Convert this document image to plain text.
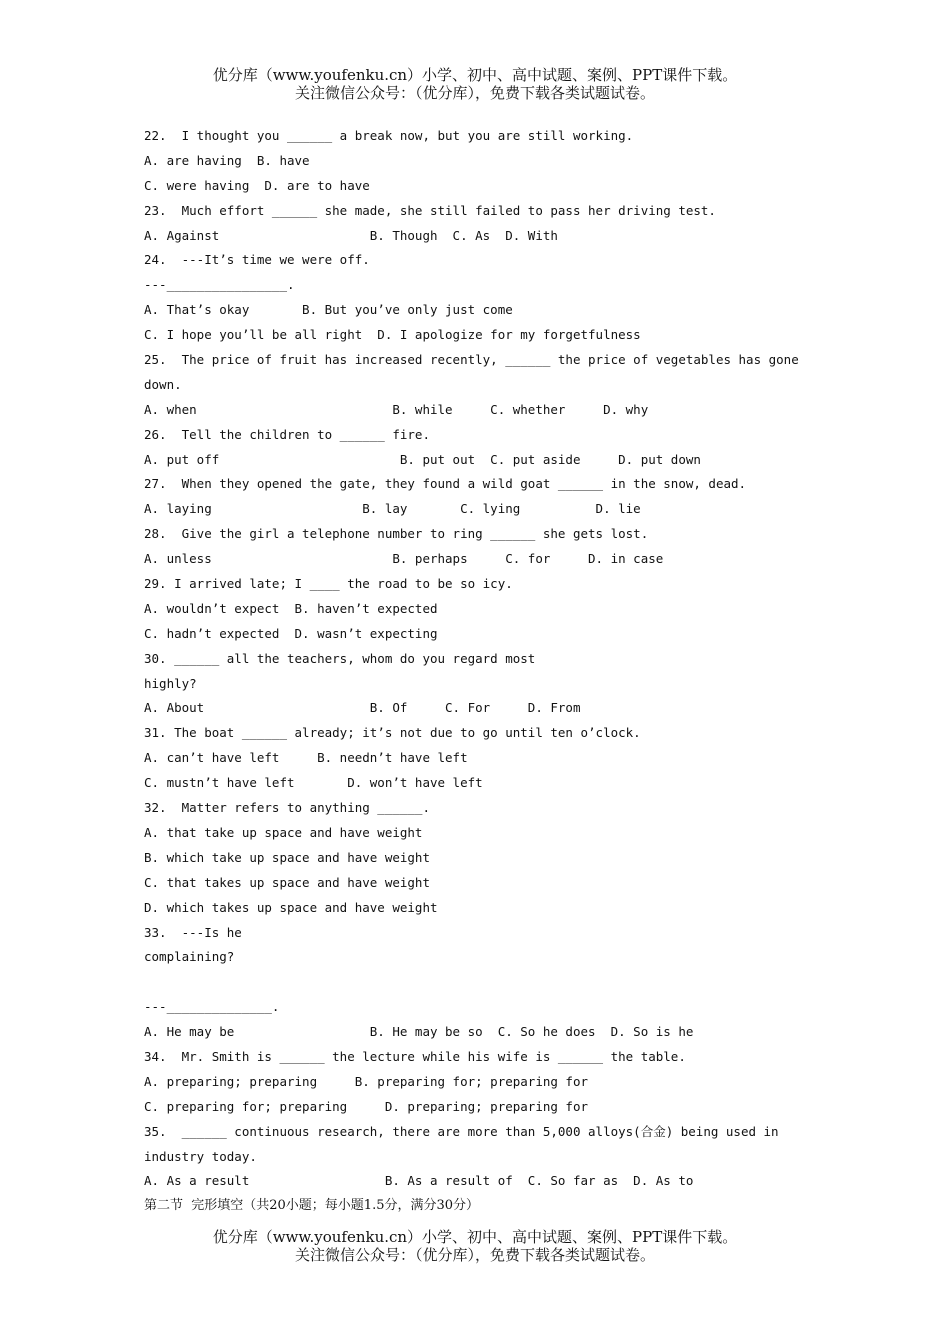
优分库（www.youfenku.cn）小学、初中、高中试题、案例、PPT课件下载。
关注微信公众号：（优分库），免费下载各类试题试卷。
22.  I thought you ______ a break now, but you are still working.
A. are having  B. have
C. were having  D. are to have
23.  Much effort ______ she made, she still failed to pass her driving test.
A. Against                    B. Though  C. As  D. With
24.  ---It’s time we were off.
---________________.
A. That’s okay       B. But you’ve only just come
C. I hope you’ll be all right  D. I apologize for my forgetfulness
25.  The price of fruit has increased recently, ______ the price of vegetables has gone
down.
A. when                          B. while     C. whether     D. why
26.  Tell the children to ______ fire.
A. put off                        B. put out  C. put aside     D. put down
27.  When they opened the gate, they found a wild goat ______ in the snow, dead.
A. laying                    B. lay       C. lying          D. lie
28.  Give the girl a telephone number to ring ______ she gets lost.
A. unless                        B. perhaps     C. for     D. in case
29. I arrived late; I ____ the road to be so icy.
A. wouldn’t expect  B. haven’t expected
C. hadn’t expected  D. wasn’t expecting
30. ______ all the teachers, whom do you regard most
highly?
A. About                      B. Of     C. For     D. From
31. The boat ______ already; it’s not due to go until ten o’clock.
A. can’t have left     B. needn’t have left
C. mustn’t have left       D. won’t have left
32.  Matter refers to anything ______.
A. that take up space and have weight
B. which take up space and have weight
C. that takes up space and have weight
D. which takes up space and have weight
33.  ---Is he
complaining?
---______________.
A. He may be                  B. He may be so  C. So he does  D. So is he
34.  Mr. Smith is ______ the lecture while his wife is ______ the table.
A. preparing; preparing     B. preparing for; preparing for
C. preparing for; preparing     D. preparing; preparing for
35.  ______ continuous research, there are more than 5,000 alloys(合金) being used in
industry today.
A. As a result                  B. As a result of  C. So far as  D. As to
第二节  完形填空（共20小题；每小题1.5分，满分30分）
优分库（www.youfenku.cn）小学、初中、高中试题、案例、PPT课件下载。
关注微信公众号：（优分库），免费下载各类试题试卷。
